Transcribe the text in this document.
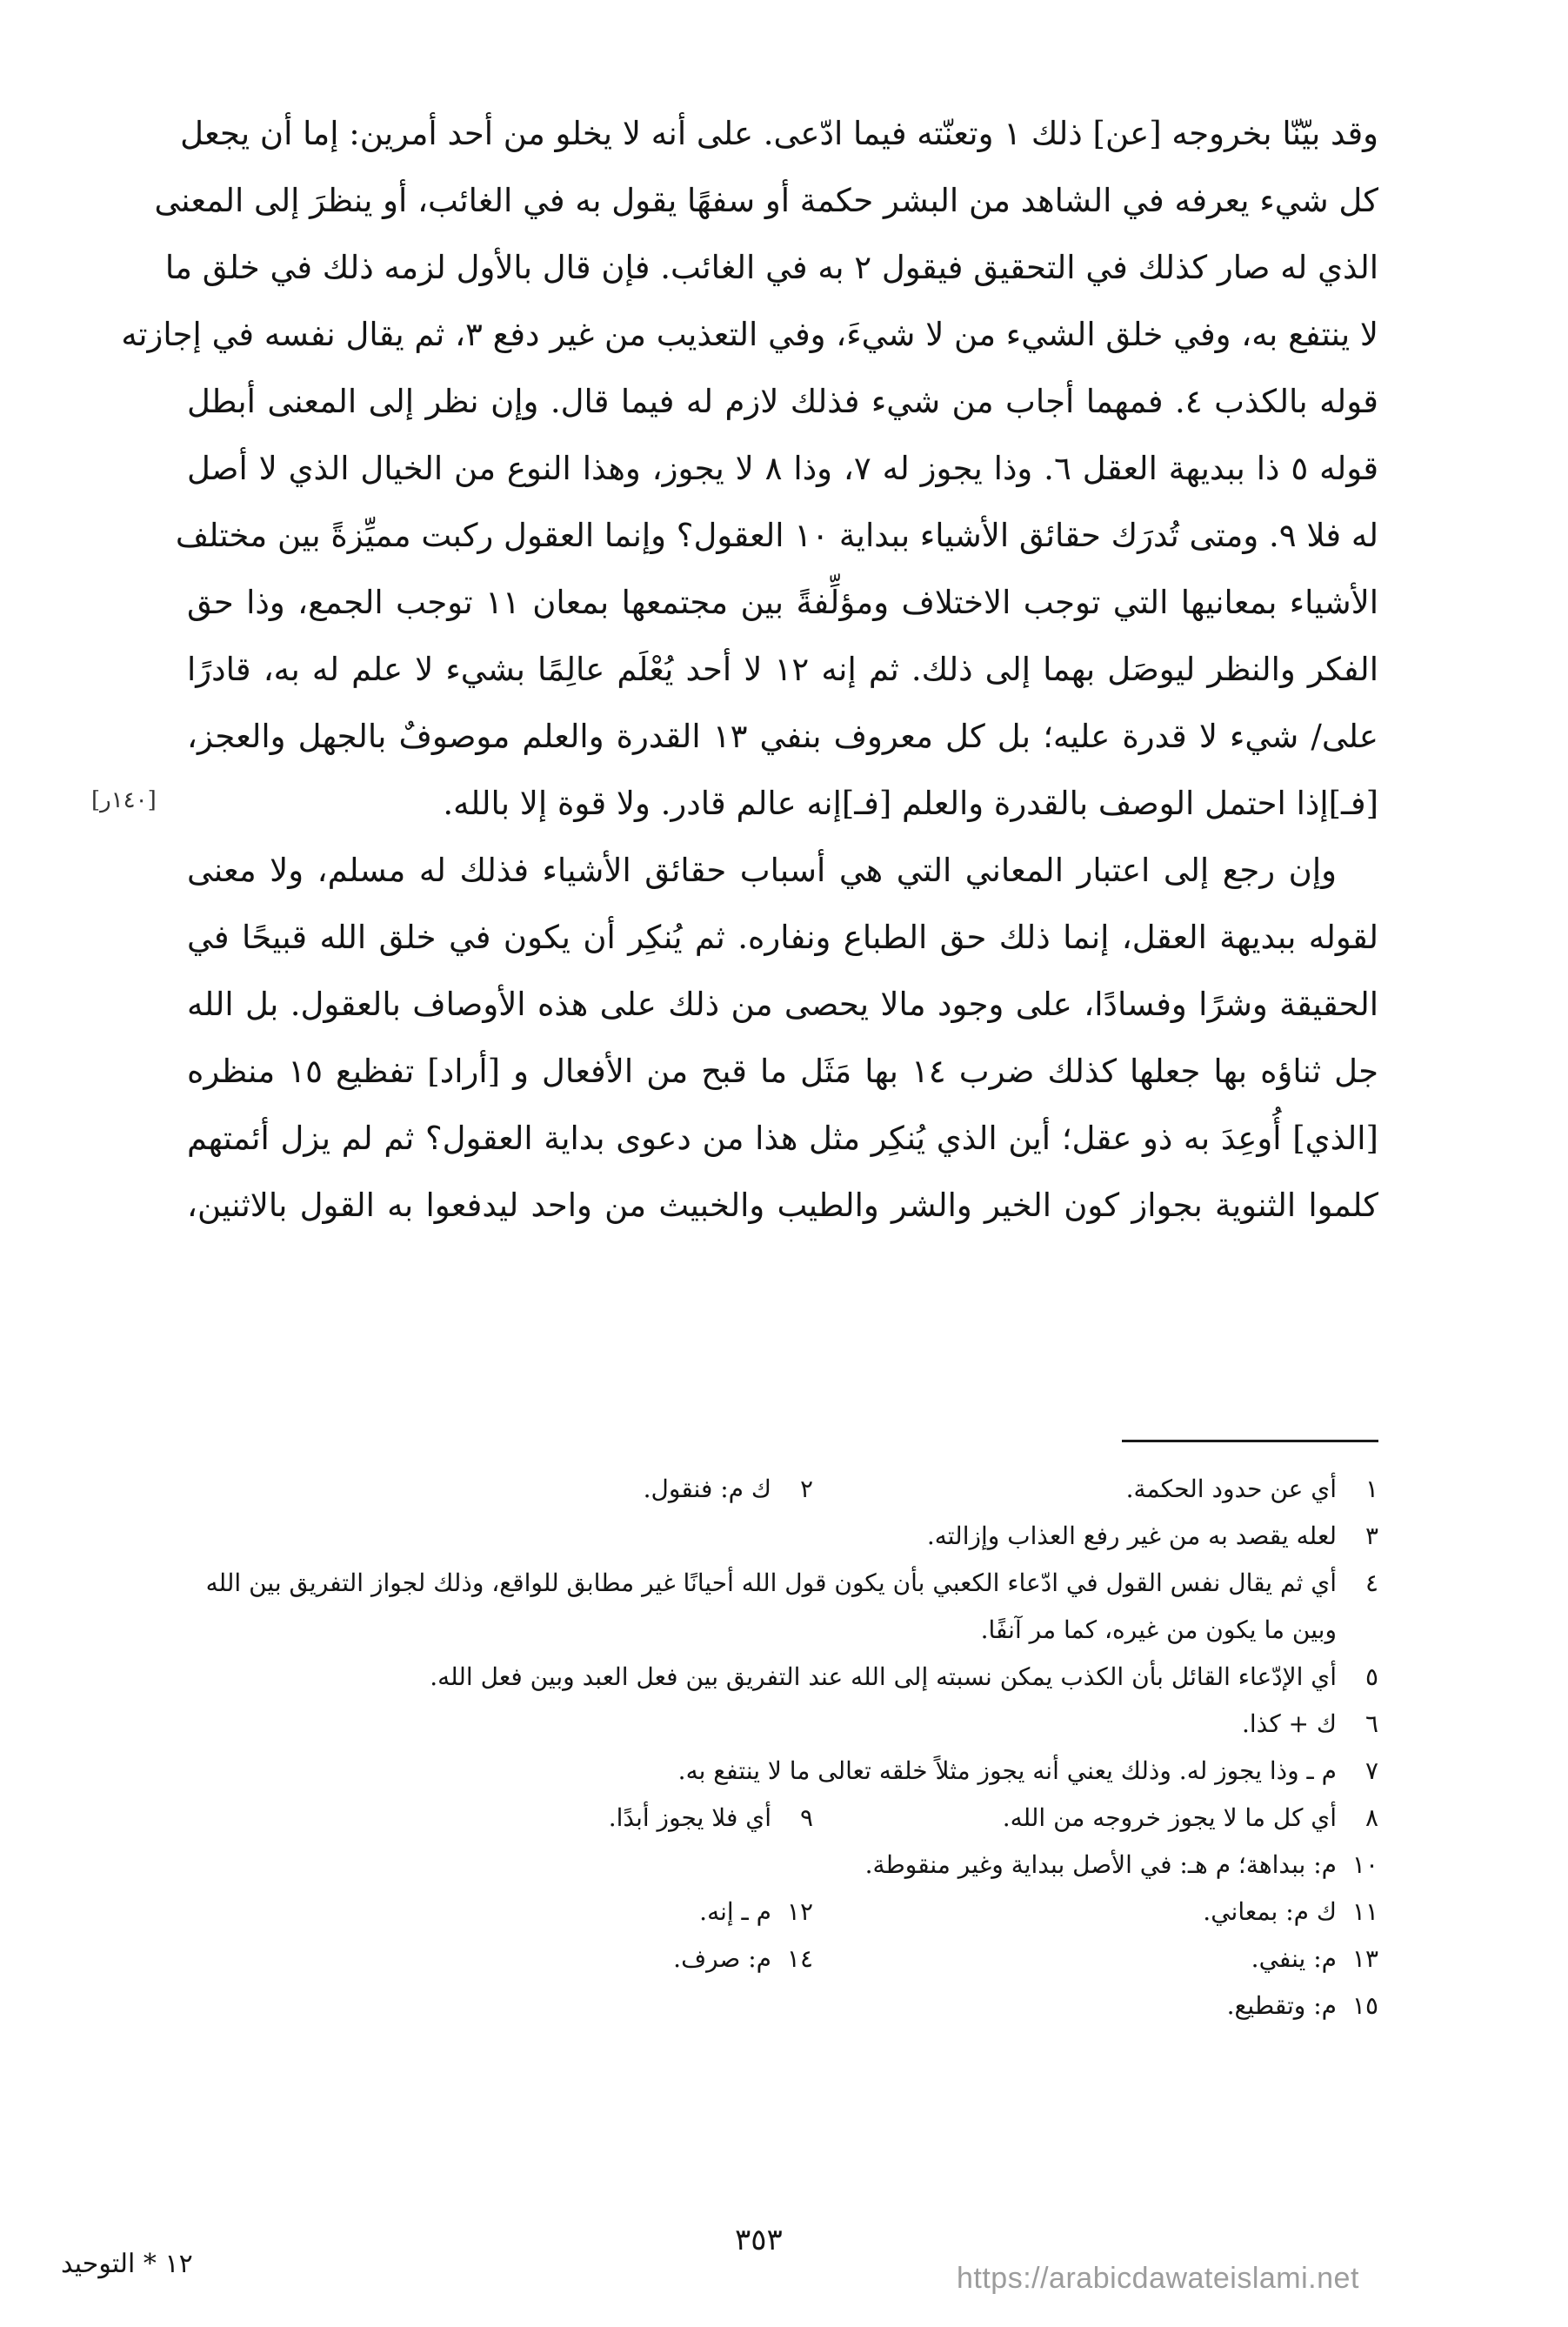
وقد بيّنّا بخروجه [عن] ذلك ١ وتعنّته فيما ادّعى. على أنه لا يخلو من أحد أمرين: إما أن يجعل
كل شيء يعرفه في الشاهد من البشر حكمة أو سفهًا يقول به في الغائب، أو ينظرَ إلى المعنى
الذي له صار كذلك في التحقيق فيقول ٢ به في الغائب. فإن قال بالأول لزمه ذلك في خلق ما
لا ينتفع به، وفي خلق الشيء من لا شيءَ، وفي التعذيب من غير دفع ٣، ثم يقال نفسه في إجازته
قوله بالكذب ٤. فمهما أجاب من شيء فذلك لازم له فيما قال. وإن نظر إلى المعنى أبطل
قوله ٥ ذا ببديهة العقل ٦. وذا يجوز له ٧، وذا ٨ لا يجوز، وهذا النوع من الخيال الذي لا أصل
له فلا ٩. ومتى تُدرَك حقائق الأشياء ببداية ١٠ العقول؟ وإنما العقول ركبت مميِّزةً بين مختلف
الأشياء بمعانيها التي توجب الاختلاف ومؤلِّفةً بين مجتمعها بمعان ١١ توجب الجمع، وذا حق
الفكر والنظر ليوصَل بهما إلى ذلك. ثم إنه ١٢ لا أحد يُعْلَم عالِمًا بشيء لا علم له به، قادرًا
على/ شيء لا قدرة عليه؛ بل كل معروف بنفي ١٣ القدرة والعلم موصوفٌ بالجهل والعجز،
[فـ]إذا احتمل الوصف بالقدرة والعلم [فـ]إنه عالم قادر. ولا قوة إلا بالله.
وإن رجع إلى اعتبار المعاني التي هي أسباب حقائق الأشياء فذلك له مسلم، ولا معنى
لقوله ببديهة العقل، إنما ذلك حق الطباع ونفاره. ثم يُنكِر أن يكون في خلق الله قبيحًا في
الحقيقة وشرًا وفسادًا، على وجود مالا يحصى من ذلك على هذه الأوصاف بالعقول. بل الله
جل ثناؤه بها جعلها كذلك ضرب ١٤ بها مَثَل ما قبح من الأفعال و [أراد] تفظيع ١٥ منظره
[الذي] أُوعِدَ به ذو عقل؛ أين الذي يُنكِر مثل هذا من دعوى بداية العقول؟ ثم لم يزل أئمتهم
كلموا الثنوية بجواز كون الخير والشر والطيب والخبيث من واحد ليدفعوا به القول بالاثنين،
[١٤٠ر]
١
أي عن حدود الحكمة.
٢
ك م: فنقول.
٣
لعله يقصد به من غير رفع العذاب وإزالته.
٤
أي ثم يقال نفس القول في ادّعاء الكعبي بأن يكون قول الله أحيانًا غير مطابق للواقع، وذلك لجواز التفريق بين الله وبين ما يكون من غيره، كما مر آنفًا.
٥
أي الإدّعاء القائل بأن الكذب يمكن نسبته إلى الله عند التفريق بين فعل العبد وبين فعل الله.
٦
ك + كذا.
٧
م ـ وذا يجوز له. وذلك يعني أنه يجوز مثلاً خلقه تعالى ما لا ينتفع به.
٨
أي كل ما لا يجوز خروجه من الله.
٩
أي فلا يجوز أبدًا.
١٠
م: ببداهة؛ م هـ: في الأصل ببداية وغير منقوطة.
١١
ك م: بمعاني.
١٢
م ـ إنه.
١٣
م: ينفي.
١٤
م: صرف.
١٥
م: وتقطيع.
٣٥٣
١٢ * التوحيد	https://arabicdawateislami.net
